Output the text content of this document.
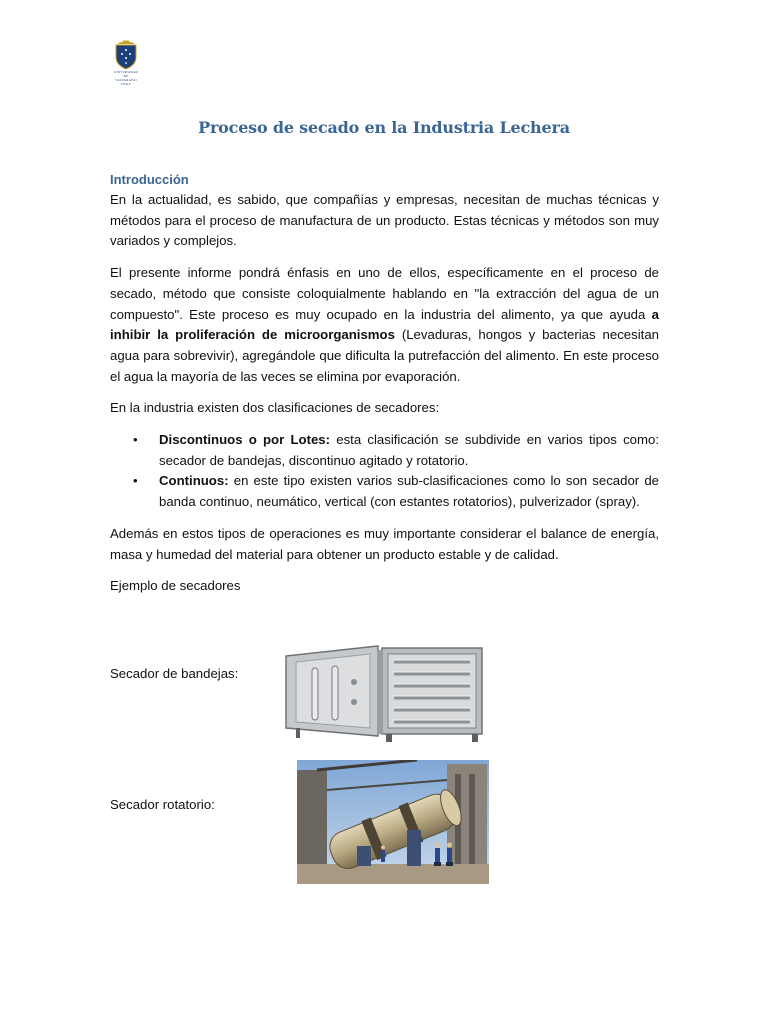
UNIVERSIDAD
DE
VALPARAÍSO
CHILE
Proceso de secado en la Industria Lechera
Introducción

En la actualidad, es sabido, que compañías y empresas, necesitan de muchas técnicas y métodos para el proceso de manufactura de un producto. Estas técnicas y métodos son muy variados y complejos.

El presente informe pondrá énfasis en uno de ellos, específicamente en el proceso de secado, método que consiste coloquialmente hablando en "la extracción del agua de un compuesto". Este proceso es muy ocupado en la industria del alimento, ya que ayuda a inhibir la proliferación de microorganismos (Levaduras, hongos y bacterias necesitan agua para sobrevivir), agregándole que dificulta la putrefacción del alimento. En este proceso el agua la mayoría de las veces se elimina por evaporación.

En la industria existen dos clasificaciones de secadores:

• Discontinuos o por Lotes: esta clasificación se subdivide en varios tipos como: secador de bandejas, discontinuo agitado y rotatorio.
• Continuos: en este tipo existen varios sub-clasificaciones como lo son secador de banda continuo, neumático, vertical (con estantes rotatorios), pulverizador (spray).

Además en estos tipos de operaciones es muy importante considerar el balance de energía, masa y humedad del material para obtener un producto estable y de calidad.

Ejemplo de secadores

Secador de bandejas:
Secador rotatorio:
